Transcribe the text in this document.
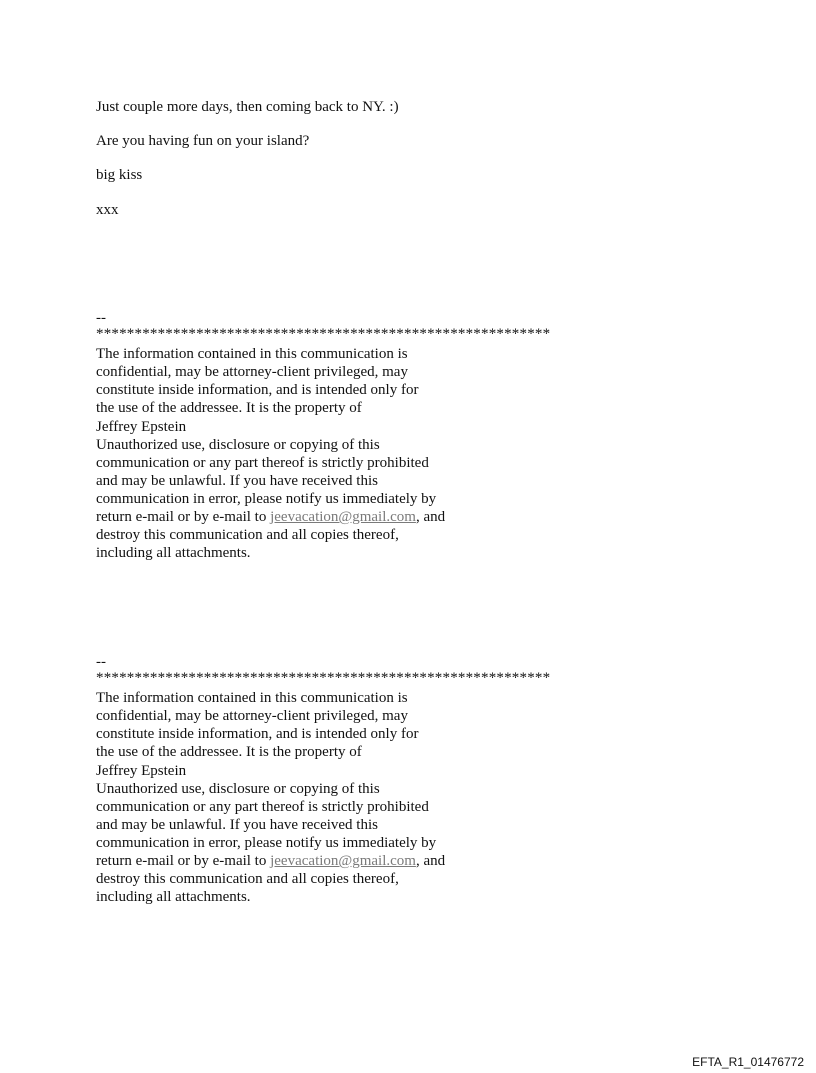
Just couple more days, then coming back to NY. :)

Are you having fun on your island?

big kiss

xxx

--
***********************************************************
The information contained in this communication is
confidential, may be attorney-client privileged, may
constitute inside information, and is intended only for
the use of the addressee. It is the property of
Jeffrey Epstein
Unauthorized use, disclosure or copying of this
communication or any part thereof is strictly prohibited
and may be unlawful. If you have received this
communication in error, please notify us immediately by
return e-mail or by e-mail to jeevacation@gmail.com, and
destroy this communication and all copies thereof,
including all attachments.
--
***********************************************************
The information contained in this communication is
confidential, may be attorney-client privileged, may
constitute inside information, and is intended only for
the use of the addressee. It is the property of
Jeffrey Epstein
Unauthorized use, disclosure or copying of this
communication or any part thereof is strictly prohibited
and may be unlawful. If you have received this
communication in error, please notify us immediately by
return e-mail or by e-mail to jeevacation@gmail.com, and
destroy this communication and all copies thereof,
including all attachments.
EFTA_R1_01476772
